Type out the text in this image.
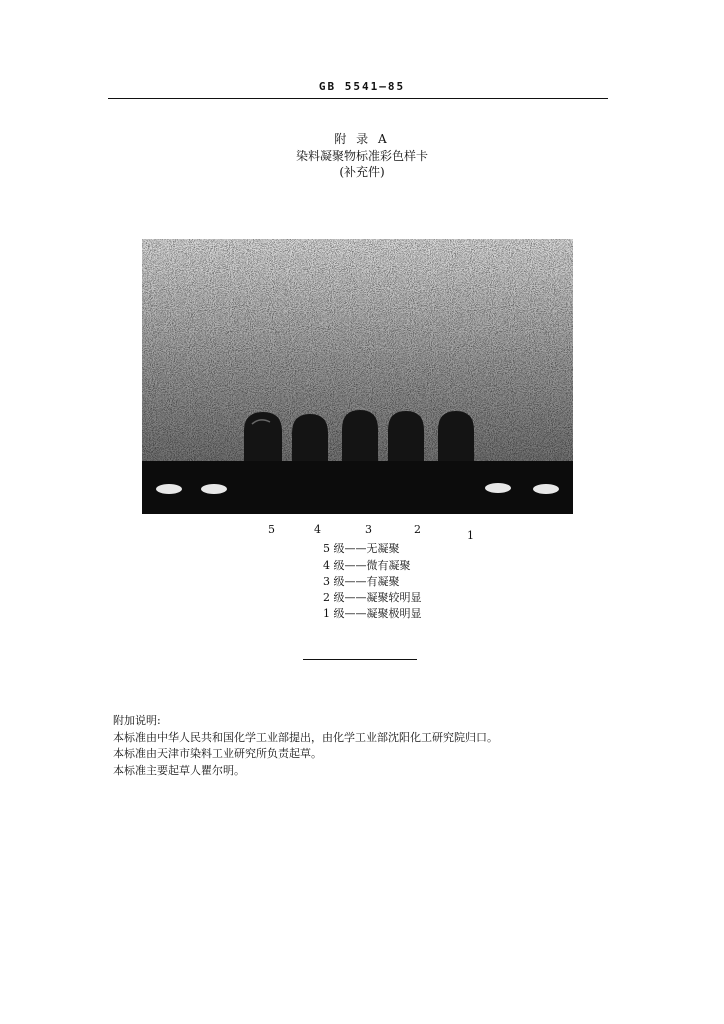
GB 5541—85
附 录 A
染料凝聚物标准彩色样卡
(补充件)
5	4	3	2	1
5 级——无凝聚
4 级——微有凝聚
3 级——有凝聚
2 级——凝聚较明显
1 级——凝聚极明显
附加说明:
本标准由中华人民共和国化学工业部提出，由化学工业部沈阳化工研究院归口。
本标准由天津市染料工业研究所负责起草。
本标准主要起草人瞿尔明。
